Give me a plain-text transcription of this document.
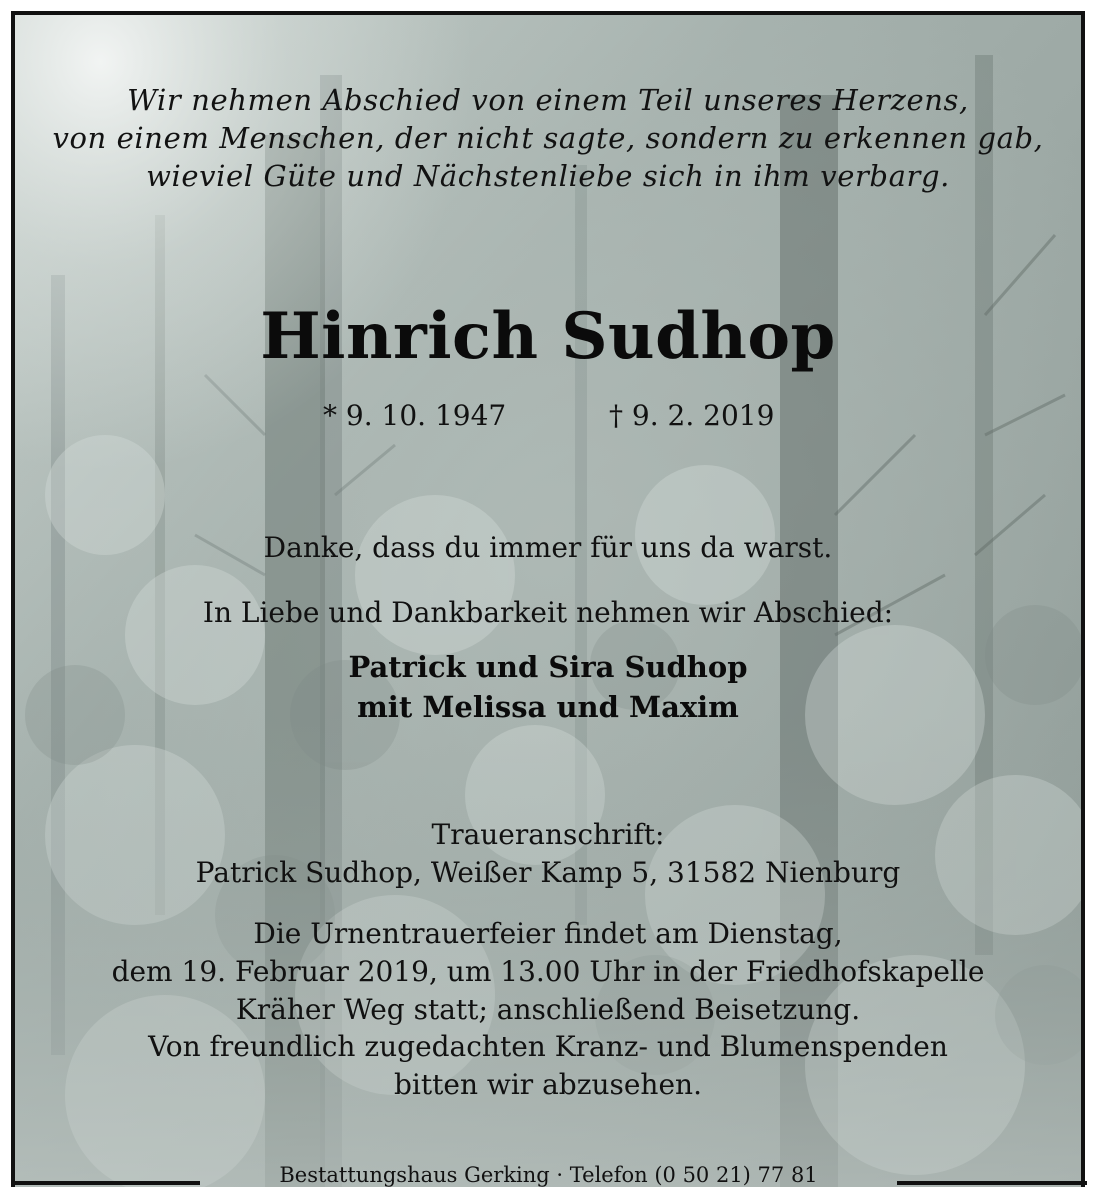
Wir nehmen Abschied von einem Teil unseres Herzens,
von einem Menschen, der nicht sagte, sondern zu erkennen gab,
wieviel Güte und Nächstenliebe sich in ihm verbarg.
Hinrich Sudhop
* 9. 10. 1947	† 9. 2. 2019
Danke, dass du immer für uns da warst.
In Liebe und Dankbarkeit nehmen wir Abschied:
Patrick und Sira Sudhop
mit Melissa und Maxim
Traueranschrift:
Patrick Sudhop, Weißer Kamp 5, 31582 Nienburg
Die Urnentrauerfeier findet am Dienstag,
dem 19. Februar 2019, um 13.00 Uhr in der Friedhofskapelle
Kräher Weg statt; anschließend Beisetzung.
Von freundlich zugedachten Kranz- und Blumenspenden
bitten wir abzusehen.
Bestattungshaus Gerking · Telefon (0 50 21) 77 81
